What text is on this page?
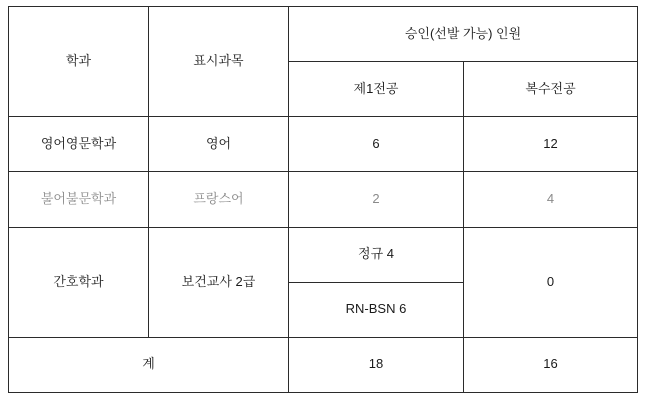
학과	표시과목	승인(선발 가능) 인원	
		제1전공	복수전공
영어영문학과	영어	6	12
불어불문학과	프랑스어	2	4
간호학과	보건교사 2급	정규 4	0
		RN-BSN 6	
계		18	16
